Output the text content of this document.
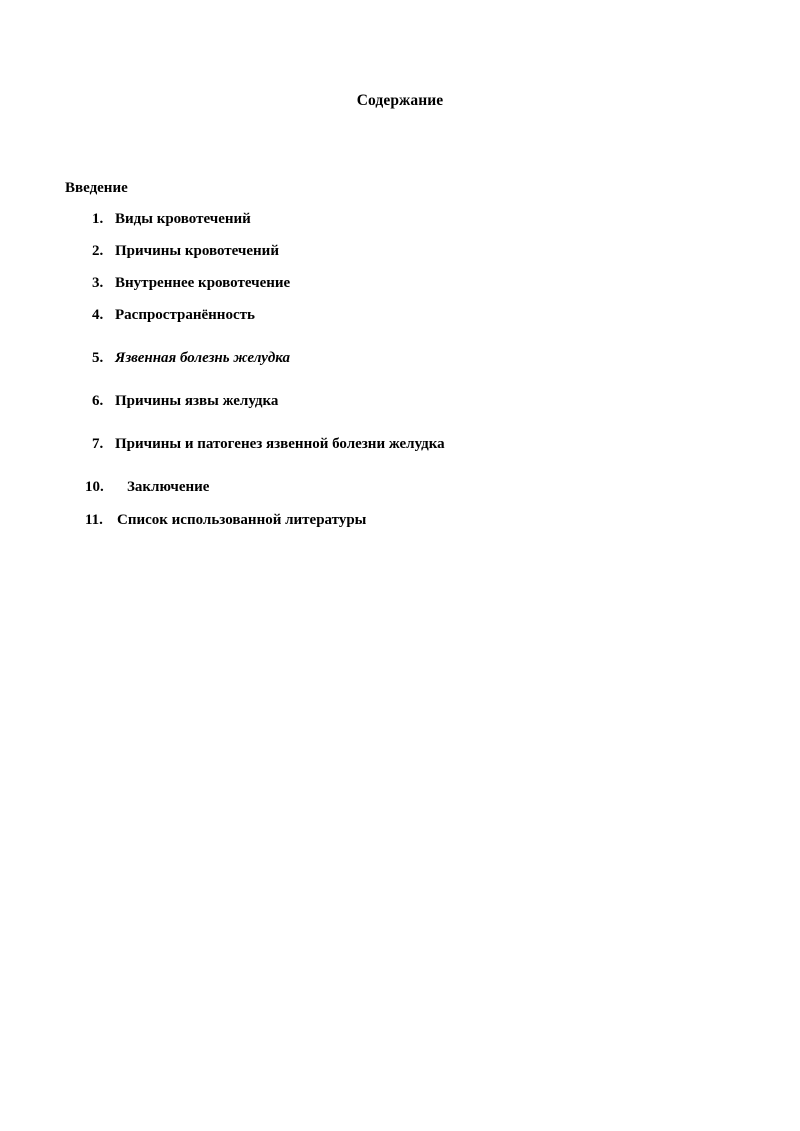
Содержание
Введение
1. Виды кровотечений
2. Причины кровотечений
3. Внутреннее кровотечение
4. Распространённость
5. Язвенная болезнь желудка
6. Причины язвы желудка
7. Причины и патогенез язвенной болезни желудка
10.	Заключение
11. Список использованной литературы
